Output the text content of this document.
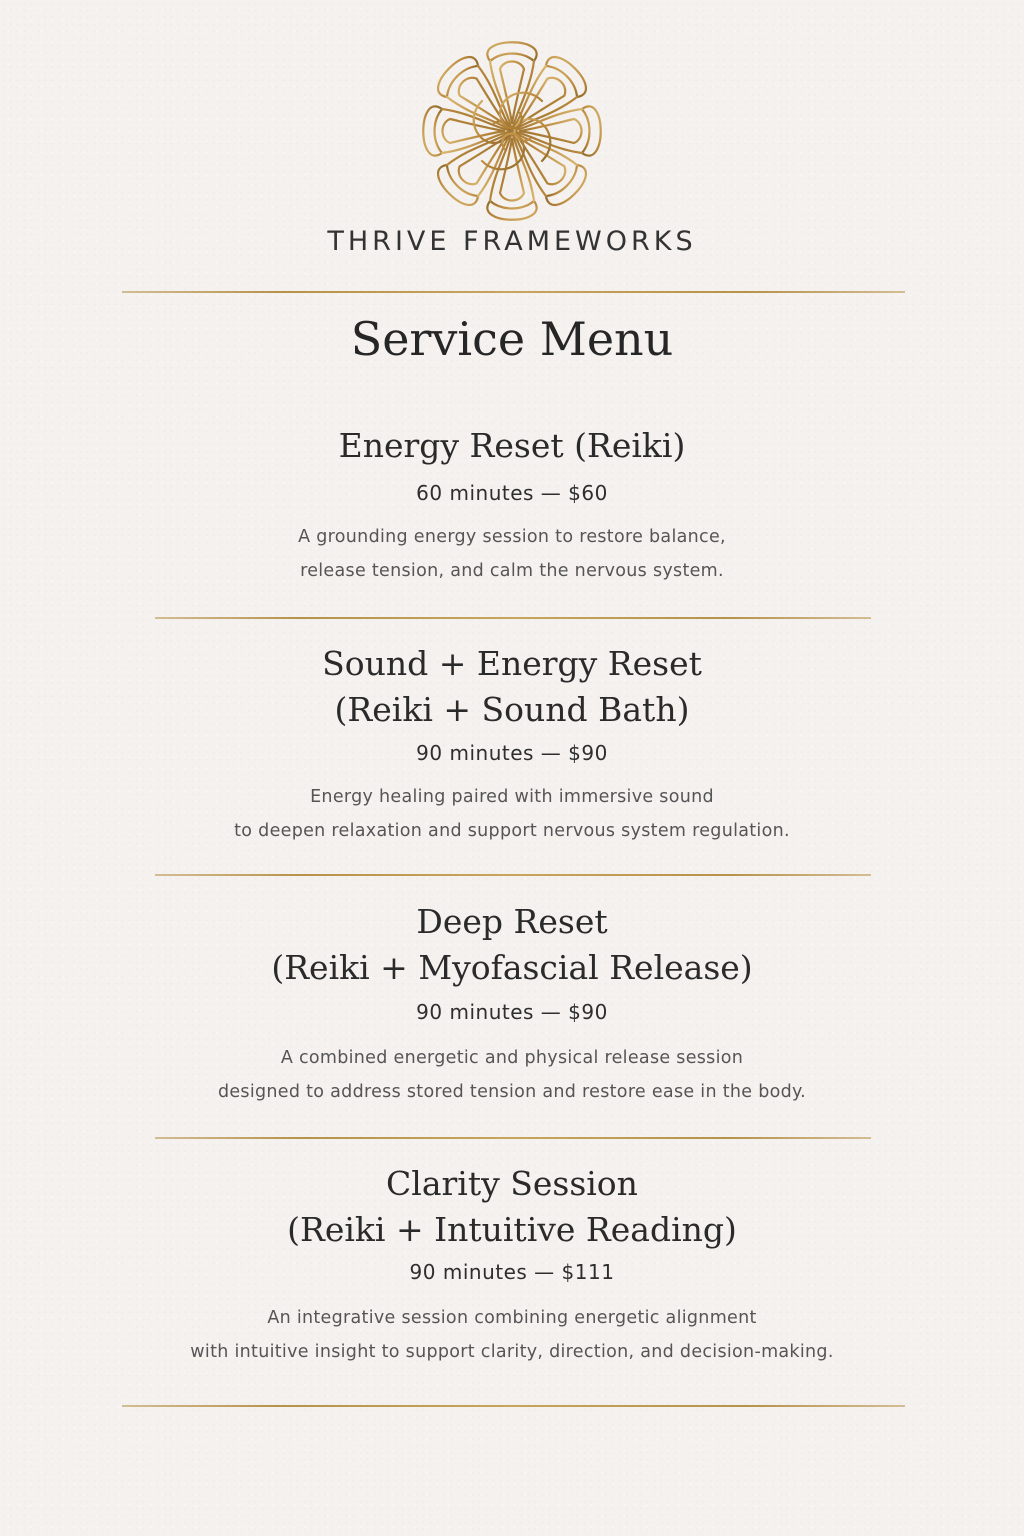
THRIVE FRAMEWORKS
Service Menu
Energy Reset (Reiki)
60 minutes — $60
A grounding energy session to restore balance,
release tension, and calm the nervous system.
Sound + Energy Reset
(Reiki + Sound Bath)
90 minutes — $90
Energy healing paired with immersive sound
to deepen relaxation and support nervous system regulation.
Deep Reset
(Reiki + Myofascial Release)
90 minutes — $90
A combined energetic and physical release session
designed to address stored tension and restore ease in the body.
Clarity Session
(Reiki + Intuitive Reading)
90 minutes — $111
An integrative session combining energetic alignment
with intuitive insight to support clarity, direction, and decision-making.
